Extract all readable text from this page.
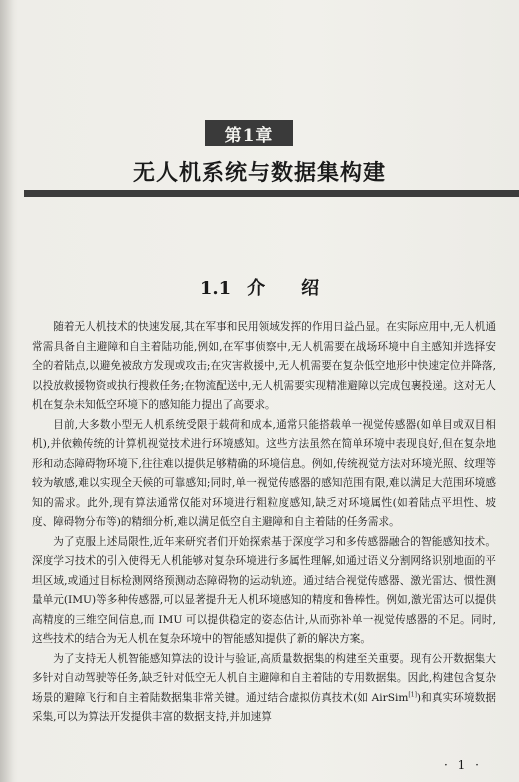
第1章
无人机系统与数据集构建
1.1 介 绍

随着无人机技术的快速发展,其在军事和民用领域发挥的作用日益凸显。在实际应用中,无人机通常需具备自主避障和自主着陆功能,例如,在军事侦察中,无人机需要在战场环境中自主感知并选择安全的着陆点,以避免被敌方发现或攻击;在灾害救援中,无人机需要在复杂低空地形中快速定位并降落,以投放救援物资或执行搜救任务;在物流配送中,无人机需要实现精准避障以完成包裹投递。这对无人机在复杂未知低空环境下的感知能力提出了高要求。

目前,大多数小型无人机系统受限于载荷和成本,通常只能搭载单一视觉传感器(如单目或双目相机),并依赖传统的计算机视觉技术进行环境感知。这些方法虽然在简单环境中表现良好,但在复杂地形和动态障碍物环境下,往往难以提供足够精确的环境信息。例如,传统视觉方法对环境光照、纹理等较为敏感,难以实现全天候的可靠感知;同时,单一视觉传感器的感知范围有限,难以满足大范围环境感知的需求。此外,现有算法通常仅能对环境进行粗粒度感知,缺乏对环境属性(如着陆点平坦性、坡度、障碍物分布等)的精细分析,难以满足低空自主避障和自主着陆的任务需求。

为了克服上述局限性,近年来研究者们开始探索基于深度学习和多传感器融合的智能感知技术。深度学习技术的引入使得无人机能够对复杂环境进行多属性理解,如通过语义分割网络识别地面的平坦区域,或通过目标检测网络预测动态障碍物的运动轨迹。通过结合视觉传感器、激光雷达、惯性测量单元(IMU)等多种传感器,可以显著提升无人机环境感知的精度和鲁棒性。例如,激光雷达可以提供高精度的三维空间信息,而 IMU 可以提供稳定的姿态估计,从而弥补单一视觉传感器的不足。同时,这些技术的结合为无人机在复杂环境中的智能感知提供了新的解决方案。

为了支持无人机智能感知算法的设计与验证,高质量数据集的构建至关重要。现有公开数据集大多针对自动驾驶等任务,缺乏针对低空无人机自主避障和自主着陆的专用数据集。因此,构建包含复杂场景的避障飞行和自主着陆数据集非常关键。通过结合虚拟仿真技术(如 AirSim[1])和真实环境数据采集,可以为算法开发提供丰富的数据支持,并加速算

· 1 ·
